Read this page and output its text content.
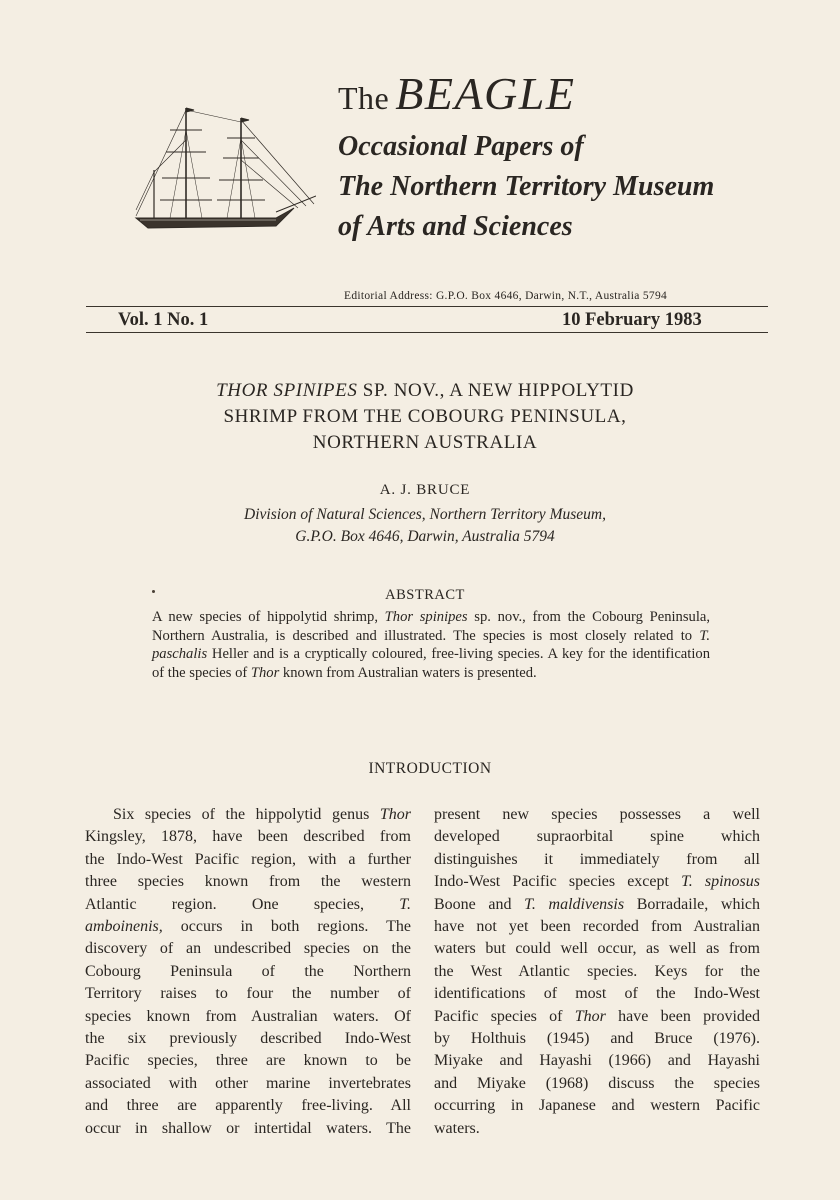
The BEAGLE
Occasional Papers of
The Northern Territory Museum
of Arts and Sciences
Editorial Address: G.P.O. Box 4646, Darwin, N.T., Australia 5794
Vol. 1 No. 1	10 February 1983
THOR SPINIPES SP. NOV., A NEW HIPPOLYTID
SHRIMP FROM THE COBOURG PENINSULA,
NORTHERN AUSTRALIA
A. J. BRUCE
Division of Natural Sciences, Northern Territory Museum,
G.P.O. Box 4646, Darwin, Australia 5794
ABSTRACT
A new species of hippolytid shrimp, Thor spinipes sp. nov., from the Cobourg Peninsula, Northern Australia, is described and illustrated. The species is most closely related to T. paschalis Heller and is a cryptically coloured, free-living species. A key for the identification of the species of Thor known from Australian waters is presented.
INTRODUCTION
Six species of the hippolytid genus Thor
Kingsley, 1878, have been described from
the Indo-West Pacific region, with a further
three species known from the western
Atlantic region. One species, T.
amboinenis, occurs in both regions. The
discovery of an undescribed species on the
Cobourg Peninsula of the Northern
Territory raises to four the number of
species known from Australian waters. Of
the six previously described Indo-West
Pacific species, three are known to be
associated with other marine invertebrates
and three are apparently free-living. All
occur in shallow or intertidal waters. The
present new species possesses a well
developed supraorbital spine which
distinguishes it immediately from all
Indo-West Pacific species except T. spinosus
Boone and T. maldivensis Borradaile, which
have not yet been recorded from Australian
waters but could well occur, as well as from
the West Atlantic species. Keys for the
identifications of most of the Indo-West
Pacific species of Thor have been provided
by Holthuis (1945) and Bruce (1976).
Miyake and Hayashi (1966) and Hayashi
and Miyake (1968) discuss the species
occurring in Japanese and western Pacific
waters.
